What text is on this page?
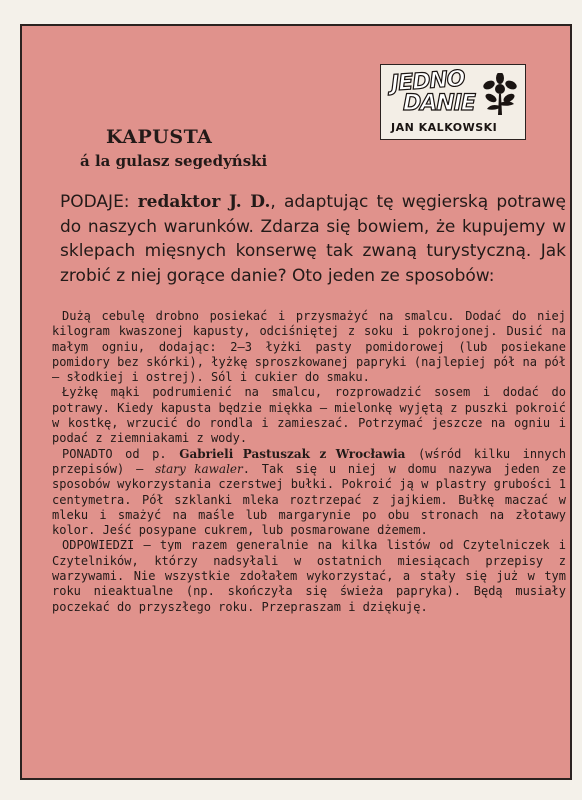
JEDNO
DANIE
JAN KALKOWSKI
KAPUSTA
á la gulasz segedyński
PODAJE: redaktor J. D., adaptując tę węgierską potrawę do naszych warunków. Zdarza się bowiem, że kupujemy w sklepach mięsnych konserwę tak zwaną turystyczną. Jak zrobić z niej gorące danie? Oto jeden ze sposobów:

Dużą cebulę drobno posiekać i przysmażyć na smalcu. Dodać do niej kilogram kwaszonej kapusty, odciśniętej z soku i pokrojonej. Dusić na małym ogniu, dodając: 2—3 łyżki pasty pomidorowej (lub posiekane pomidory bez skórki), łyżkę sproszkowanej papryki (najlepiej pół na pół — słodkiej i ostrej). Sól i cukier do smaku.

Łyżkę mąki podrumienić na smalcu, rozprowadzić sosem i dodać do potrawy. Kiedy kapusta będzie miękka — mielonkę wyjętą z puszki pokroić w kostkę, wrzucić do rondla i zamieszać. Potrzymać jeszcze na ogniu i podać z ziemniakami z wody.

PONADTO od p. Gabrieli Pastuszak z Wrocławia (wśród kilku innych przepisów) — stary kawaler. Tak się u niej w domu nazywa jeden ze sposobów wykorzystania czerstwej bułki. Pokroić ją w plastry grubości 1 centymetra. Pół szklanki mleka roztrzepać z jajkiem. Bułkę maczać w mleku i smażyć na maśle lub margarynie po obu stronach na złotawy kolor. Jeść posypane cukrem, lub posmarowane dżemem.

ODPOWIEDZI — tym razem generalnie na kilka listów od Czytelniczek i Czytelników, którzy nadsyłali w ostatnich miesiącach przepisy z warzywami. Nie wszystkie zdołałem wykorzystać, a stały się już w tym roku nieaktualne (np. skończyła się świeża papryka). Będą musiały poczekać do przyszłego roku. Przepraszam i dziękuję.
